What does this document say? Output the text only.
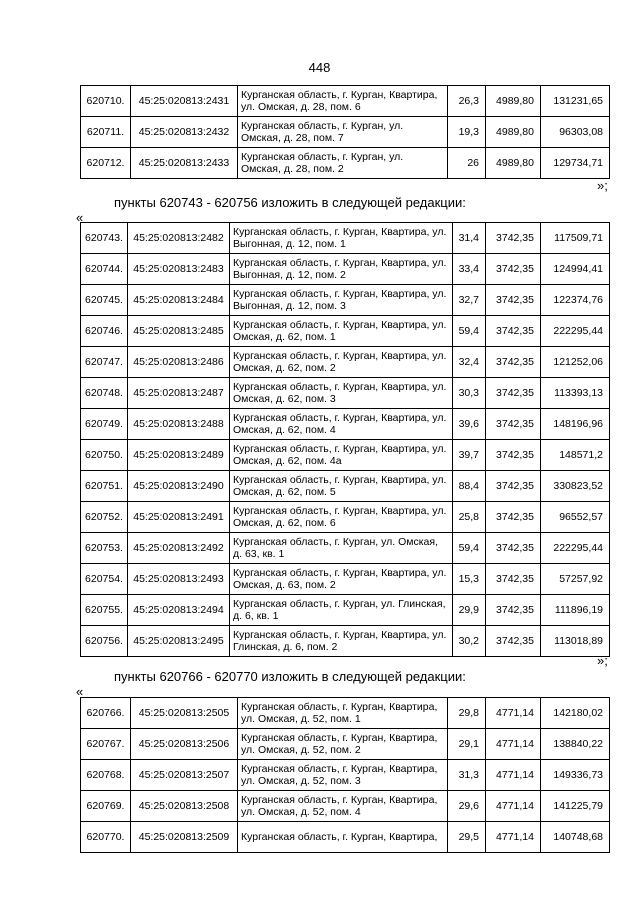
448
620710.	45:25:020813:2431	Курганская область, г. Курган, Квартира, ул. Омская, д. 28, пом. 6	26,3	4989,80	131231,65
620711.	45:25:020813:2432	Курганская область, г. Курган, ул. Омская, д. 28, пом. 7	19,3	4989,80	96303,08
620712.	45:25:020813:2433	Курганская область, г. Курган, ул. Омская, д. 28, пом. 2	26	4989,80	129734,71
»;
пункты 620743 - 620756 изложить в следующей редакции:
«
620743.	45:25:020813:2482	Курганская область, г. Курган, Квартира, ул. Выгонная, д. 12, пом. 1	31,4	3742,35	117509,71
620744.	45:25:020813:2483	Курганская область, г. Курган, Квартира, ул. Выгонная, д. 12, пом. 2	33,4	3742,35	124994,41
620745.	45:25:020813:2484	Курганская область, г. Курган, Квартира, ул. Выгонная, д. 12, пом. 3	32,7	3742,35	122374,76
620746.	45:25:020813:2485	Курганская область, г. Курган, Квартира, ул. Омская, д. 62, пом. 1	59,4	3742,35	222295,44
620747.	45:25:020813:2486	Курганская область, г. Курган, Квартира, ул. Омская, д. 62, пом. 2	32,4	3742,35	121252,06
620748.	45:25:020813:2487	Курганская область, г. Курган, Квартира, ул. Омская, д. 62, пом. 3	30,3	3742,35	113393,13
620749.	45:25:020813:2488	Курганская область, г. Курган, Квартира, ул. Омская, д. 62, пом. 4	39,6	3742,35	148196,96
620750.	45:25:020813:2489	Курганская область, г. Курган, Квартира, ул. Омская, д. 62, пом. 4а	39,7	3742,35	148571,2
620751.	45:25:020813:2490	Курганская область, г. Курган, Квартира, ул. Омская, д. 62, пом. 5	88,4	3742,35	330823,52
620752.	45:25:020813:2491	Курганская область, г. Курган, Квартира, ул. Омская, д. 62, пом. 6	25,8	3742,35	96552,57
620753.	45:25:020813:2492	Курганская область, г. Курган, ул. Омская, д. 63, кв. 1	59,4	3742,35	222295,44
620754.	45:25:020813:2493	Курганская область, г. Курган, Квартира, ул. Омская, д. 63, пом. 2	15,3	3742,35	57257,92
620755.	45:25:020813:2494	Курганская область, г. Курган, ул. Глинская, д. 6, кв. 1	29,9	3742,35	111896,19
620756.	45:25:020813:2495	Курганская область, г. Курган, Квартира, ул. Глинская, д. 6, пом. 2	30,2	3742,35	113018,89
»;
пункты 620766 - 620770 изложить в следующей редакции:
«
620766.	45:25:020813:2505	Курганская область, г. Курган, Квартира, ул. Омская, д. 52, пом. 1	29,8	4771,14	142180,02
620767.	45:25:020813:2506	Курганская область, г. Курган, Квартира, ул. Омская, д. 52, пом. 2	29,1	4771,14	138840,22
620768.	45:25:020813:2507	Курганская область, г. Курган, Квартира, ул. Омская, д. 52, пом. 3	31,3	4771,14	149336,73
620769.	45:25:020813:2508	Курганская область, г. Курган, Квартира, ул. Омская, д. 52, пом. 4	29,6	4771,14	141225,79
620770.	45:25:020813:2509	Курганская область, г. Курган, Квартира,	29,5	4771,14	140748,68
